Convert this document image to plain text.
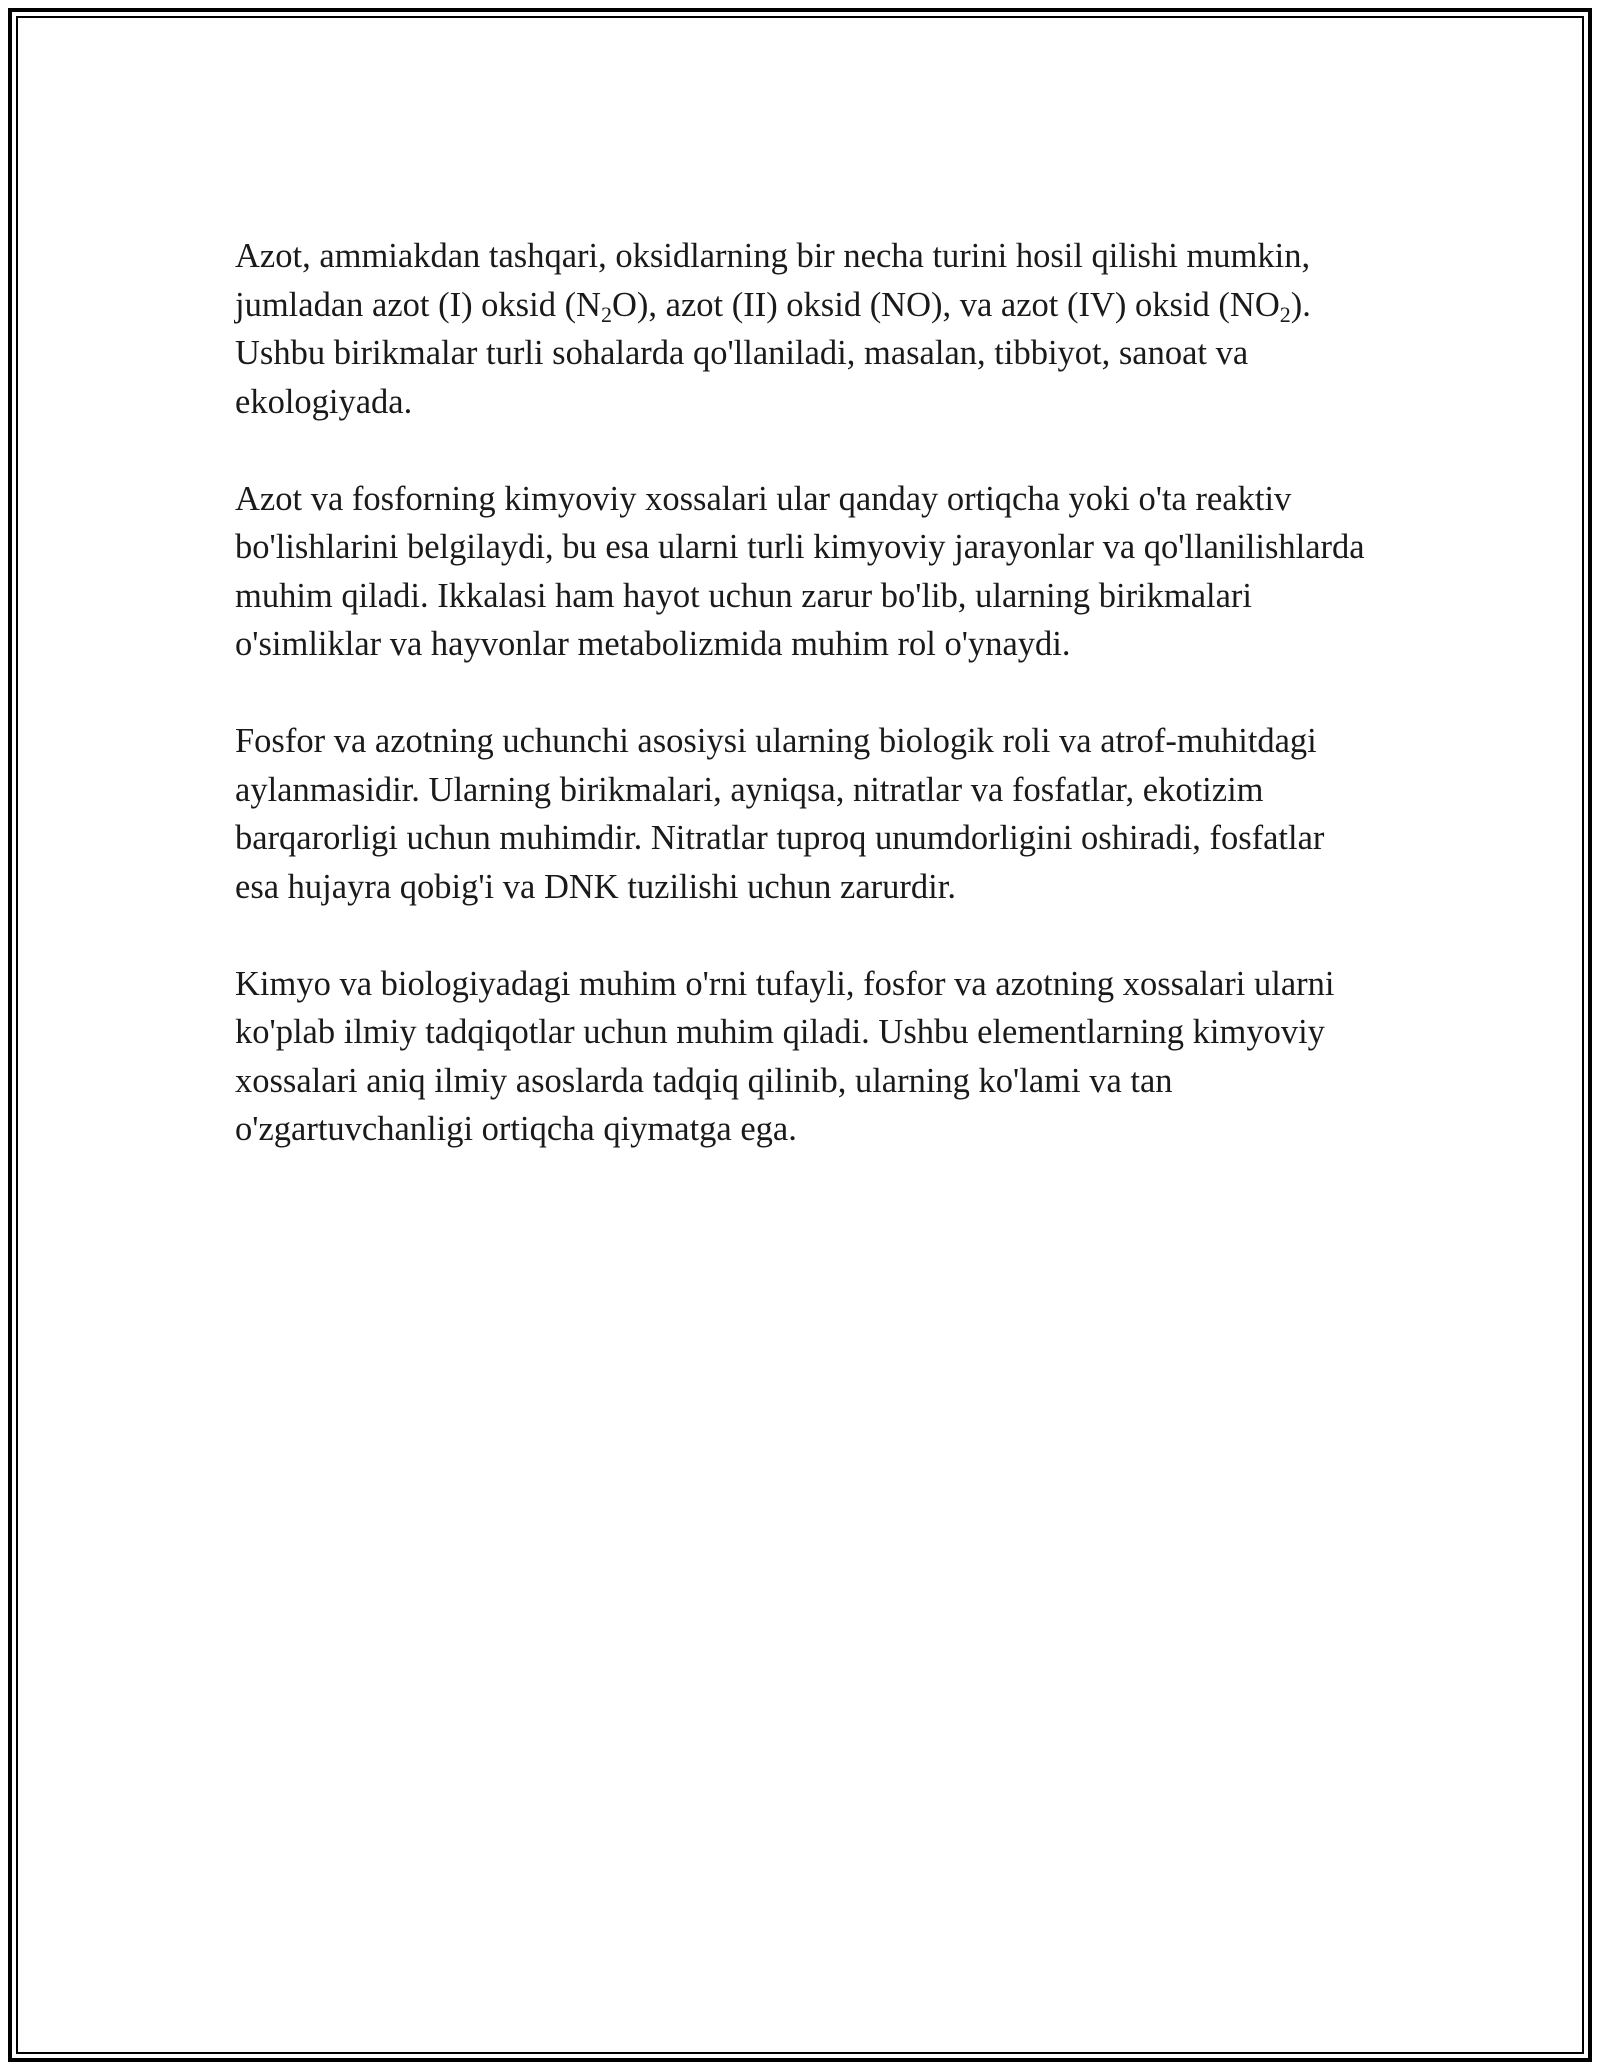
Azot, ammiakdan tashqari, oksidlarning bir necha turini hosil qilishi mumkin, jumladan azot (I) oksid $(N_2O)$, azot (II) oksid (NO), va azot (IV) oksid $(NO_2)$. Ushbu birikmalar turli sohalarda qo'llaniladi, masalan, tibbiyot, sanoat va ekologiyada.

Azot va fosforning kimyoviy xossalari ular qanday ortiqcha yoki o'ta reaktiv bo'lishlarini belgilaydi, bu esa ularni turli kimyoviy jarayonlar va qo'llanilishlarda muhim qiladi. Ikkalasi ham hayot uchun zarur bo'lib, ularning birikmalari o'simliklar va hayvonlar metabolizmida muhim rol o'ynaydi.

Fosfor va azotning uchunchi asosiysi ularning biologik roli va atrof-muhitdagi aylanmasidir. Ularning birikmalari, ayniqsa, nitratlar va fosfatlar, ekotizim barqarorligi uchun muhimdir. Nitratlar tuproq unumdorligini oshiradi, fosfatlar esa hujayra qobig'i va DNK tuzilishi uchun zarurdir.

Kimyo va biologiyadagi muhim o'rni tufayli, fosfor va azotning xossalari ularni ko'plab ilmiy tadqiqotlar uchun muhim qiladi. Ushbu elementlarning kimyoviy xossalari aniq ilmiy asoslarda tadqiq qilinib, ularning ko'lami va tan o'zgartuvchanligi ortiqcha qiymatga ega.
